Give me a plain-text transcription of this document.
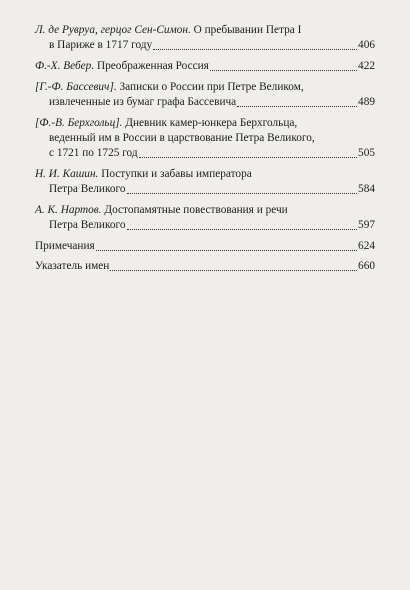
Л. де Рувруа, герцог Сен-Симон.
О пребывании Петра I
в Париже в 1717 году	406
Ф.-Х. Вебер.
Преображенная Россия	422
[Г.-Ф. Бассевич].
Записки о России при Петре Великом,
извлеченные из бумаг графа Бассевича	489
[Ф.-В. Берхгольц].
Дневник камер-юнкера Берхгольца,
веденный им в России в царствование Петра Великого,
с 1721 по 1725 год	505
Н. И. Кашин.
Поступки и забавы императора
Петра Великого	584
А. К. Нартов.
Достопамятные повествования и речи
Петра Великого	597
Примечания	624
Указатель имен	660
